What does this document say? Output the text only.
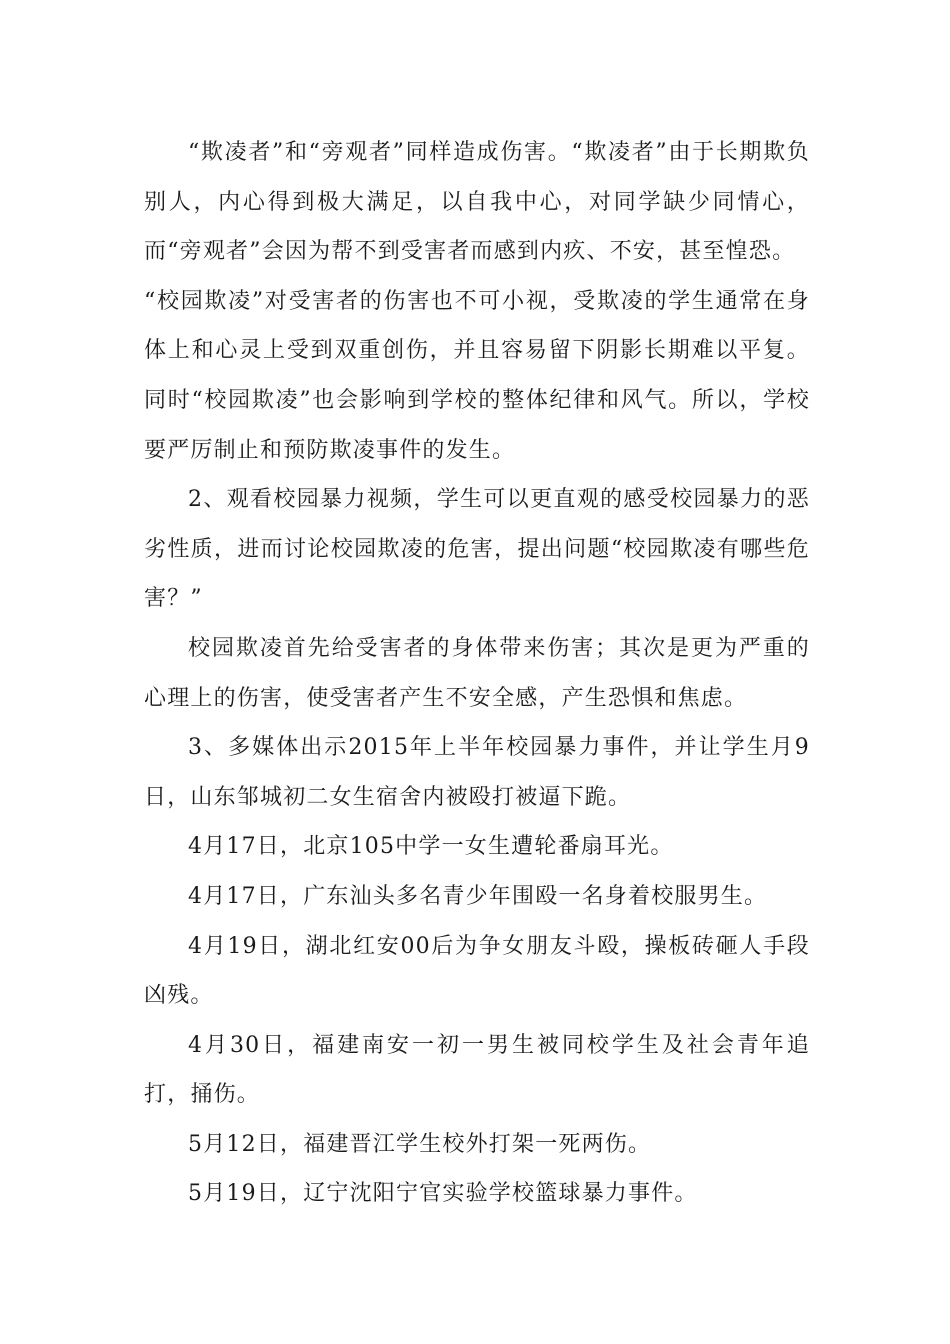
“欺凌者”和“旁观者”同样造成伤害。“欺凌者”由于长期欺负别人，内心得到极大满足，以自我中心，对同学缺少同情心，而“旁观者”会因为帮不到受害者而感到内疚、不安，甚至惶恐。

“校园欺凌”对受害者的伤害也不可小视，受欺凌的学生通常在身体上和心灵上受到双重创伤，并且容易留下阴影长期难以平复。同时“校园欺凌”也会影响到学校的整体纪律和风气。所以，学校要严厉制止和预防欺凌事件的发生。

2、观看校园暴力视频，学生可以更直观的感受校园暴力的恶劣性质，进而讨论校园欺凌的危害，提出问题“校园欺凌有哪些危害？”

校园欺凌首先给受害者的身体带来伤害；其次是更为严重的心理上的伤害，使受害者产生不安全感，产生恐惧和焦虑。

3、多媒体出示2015年上半年校园暴力事件，并让学生月9日，山东邹城初二女生宿舍内被殴打被逼下跪。

4月17日，北京105中学一女生遭轮番扇耳光。

4月17日，广东汕头多名青少年围殴一名身着校服男生。

4月19日，湖北红安00后为争女朋友斗殴，操板砖砸人手段凶残。

4月30日，福建南安一初一男生被同校学生及社会青年追打，捅伤。

5月12日，福建晋江学生校外打架一死两伤。

5月19日，辽宁沈阳宁官实验学校篮球暴力事件。
